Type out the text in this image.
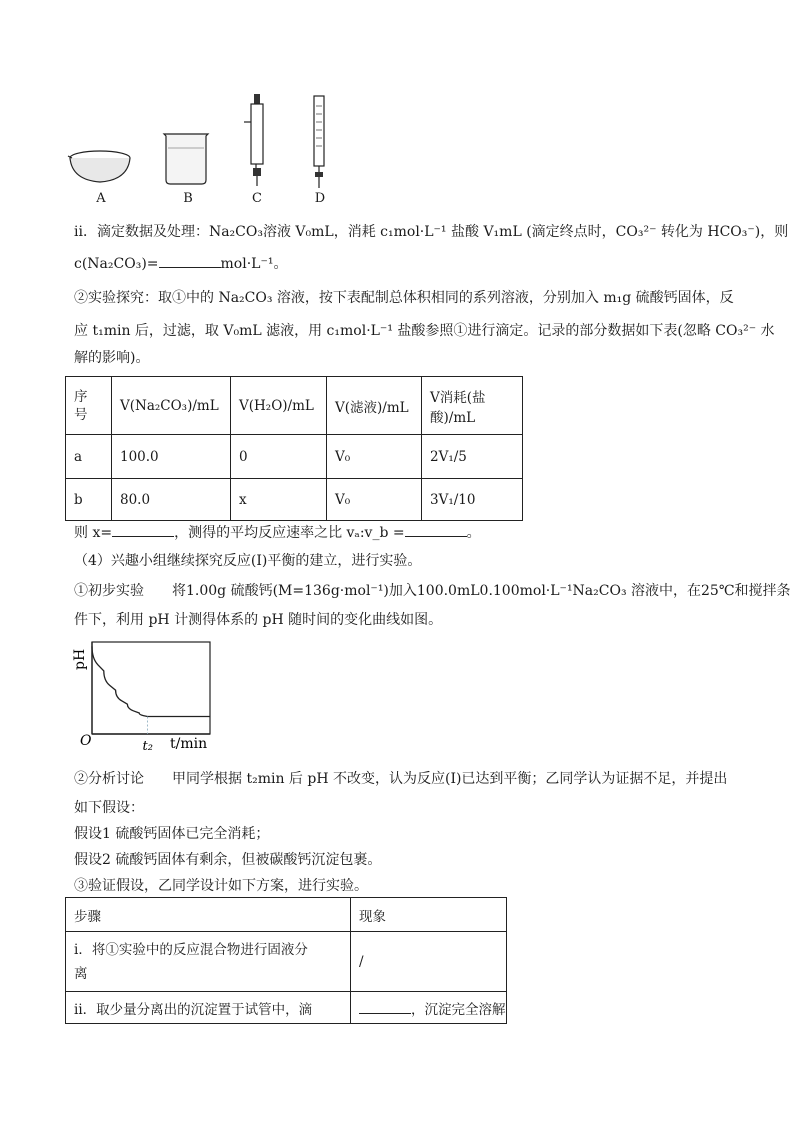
A	B	C	D
ii．滴定数据及处理：Na₂CO₃溶液 V₀mL，消耗 c₁mol·L⁻¹ 盐酸 V₁mL (滴定终点时，CO₃²⁻ 转化为 HCO₃⁻)，则
c(Na₂CO₃)=	mol·L⁻¹。
②实验探究：取①中的 Na₂CO₃ 溶液，按下表配制总体积相同的系列溶液，分别加入 m₁g 硫酸钙固体，反
应 t₁min 后，过滤，取 V₀mL 滤液，用 c₁mol·L⁻¹ 盐酸参照①进行滴定。记录的部分数据如下表(忽略 CO₃²⁻ 水
解的影响)。
序
号	V(Na₂CO₃)/mL	V(H₂O)/mL	V(滤液)/mL	V消耗(盐酸)/mL
a	100.0	0	V₀	2V₁/5
b	80.0	x	V₀	3V₁/10
则 x=	，测得的平均反应速率之比 vₐ:v_b =	。
（4）兴趣小组继续探究反应(Ⅰ)平衡的建立，进行实验。
①初步实验　　将1.00g 硫酸钙(M=136g·mol⁻¹)加入100.0mL0.100mol·L⁻¹Na₂CO₃ 溶液中，在25℃和搅拌条
件下，利用 pH 计测得体系的 pH 随时间的变化曲线如图。
pH
O	t₂ t/min
②分析讨论　　甲同学根据 t₂min 后 pH 不改变，认为反应(Ⅰ)已达到平衡；乙同学认为证据不足，并提出
如下假设：
假设1 硫酸钙固体已完全消耗；
假设2 硫酸钙固体有剩余，但被碳酸钙沉淀包裹。
③验证假设，乙同学设计如下方案，进行实验。
步骤	现象

ⅰ．将①实验中的反应混合物进行固液分
离	/
ⅱ．取少量分离出的沉淀置于试管中，滴	，沉淀完全溶解
